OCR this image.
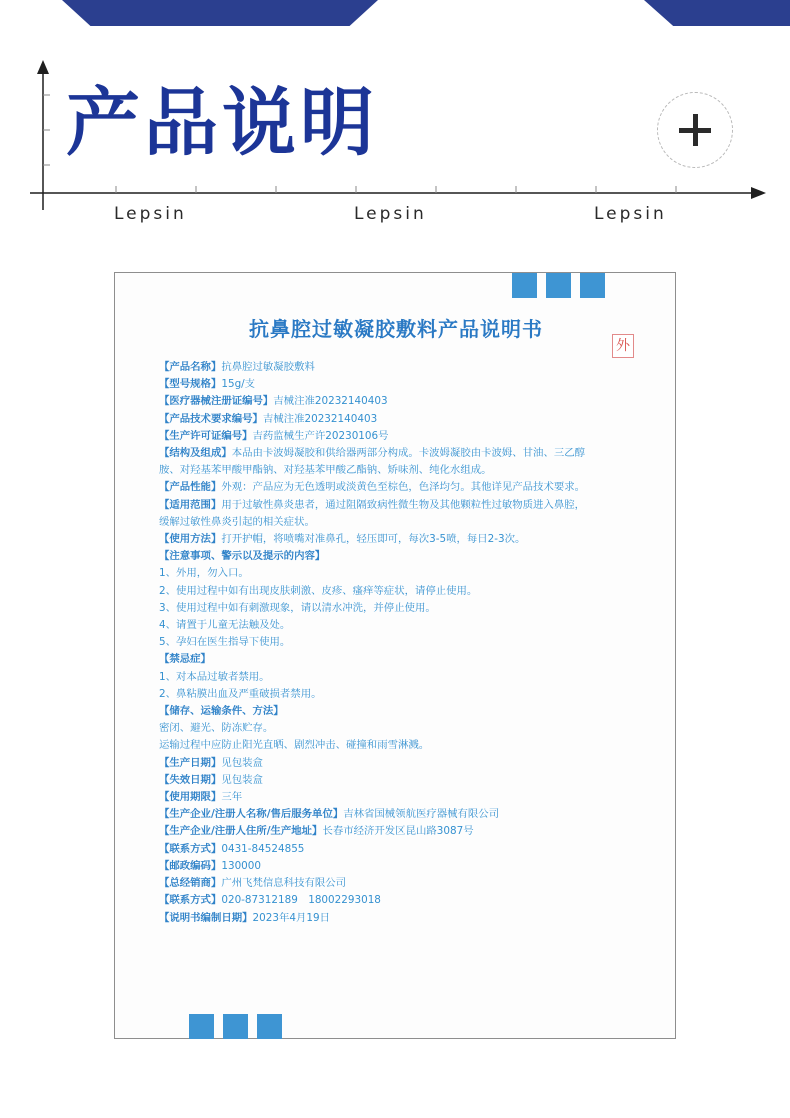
产品说明
Lepsin	Lepsin	Lepsin
抗鼻腔过敏凝胶敷料产品说明书
外
【产品名称】抗鼻腔过敏凝胶敷料
【型号规格】15g/支
【医疗器械注册证编号】吉械注准20232140403
【产品技术要求编号】吉械注准20232140403
【生产许可证编号】吉药监械生产许20230106号
【结构及组成】本品由卡波姆凝胶和供给器两部分构成。卡波姆凝胶由卡波姆、甘油、三乙醇
胺、对羟基苯甲酸甲酯钠、对羟基苯甲酸乙酯钠、矫味剂、纯化水组成。
【产品性能】外观：产品应为无色透明或淡黄色至棕色，色泽均匀。其他详见产品技术要求。
【适用范围】用于过敏性鼻炎患者，通过阻隔致病性微生物及其他颗粒性过敏物质进入鼻腔，
缓解过敏性鼻炎引起的相关症状。
【使用方法】打开护帽，将喷嘴对准鼻孔，轻压即可，每次3-5喷，每日2-3次。
【注意事项、警示以及提示的内容】
1、外用，勿入口。
2、使用过程中如有出现皮肤刺激、皮疹、瘙痒等症状，请停止使用。
3、使用过程中如有刺激现象，请以清水冲洗，并停止使用。
4、请置于儿童无法触及处。
5、孕妇在医生指导下使用。
【禁忌症】
1、对本品过敏者禁用。
2、鼻粘膜出血及严重破损者禁用。
【储存、运输条件、方法】
密闭、避光、防冻贮存。
运输过程中应防止阳光直晒、剧烈冲击、碰撞和雨雪淋溅。
【生产日期】见包装盒
【失效日期】见包装盒
【使用期限】三年
【生产企业/注册人名称/售后服务单位】吉林省国械领航医疗器械有限公司
【生产企业/注册人住所/生产地址】长春市经济开发区昆山路3087号
【联系方式】0431-84524855
【邮政编码】130000
【总经销商】广州飞梵信息科技有限公司
【联系方式】020-87312189　18002293018
【说明书编制日期】2023年4月19日
